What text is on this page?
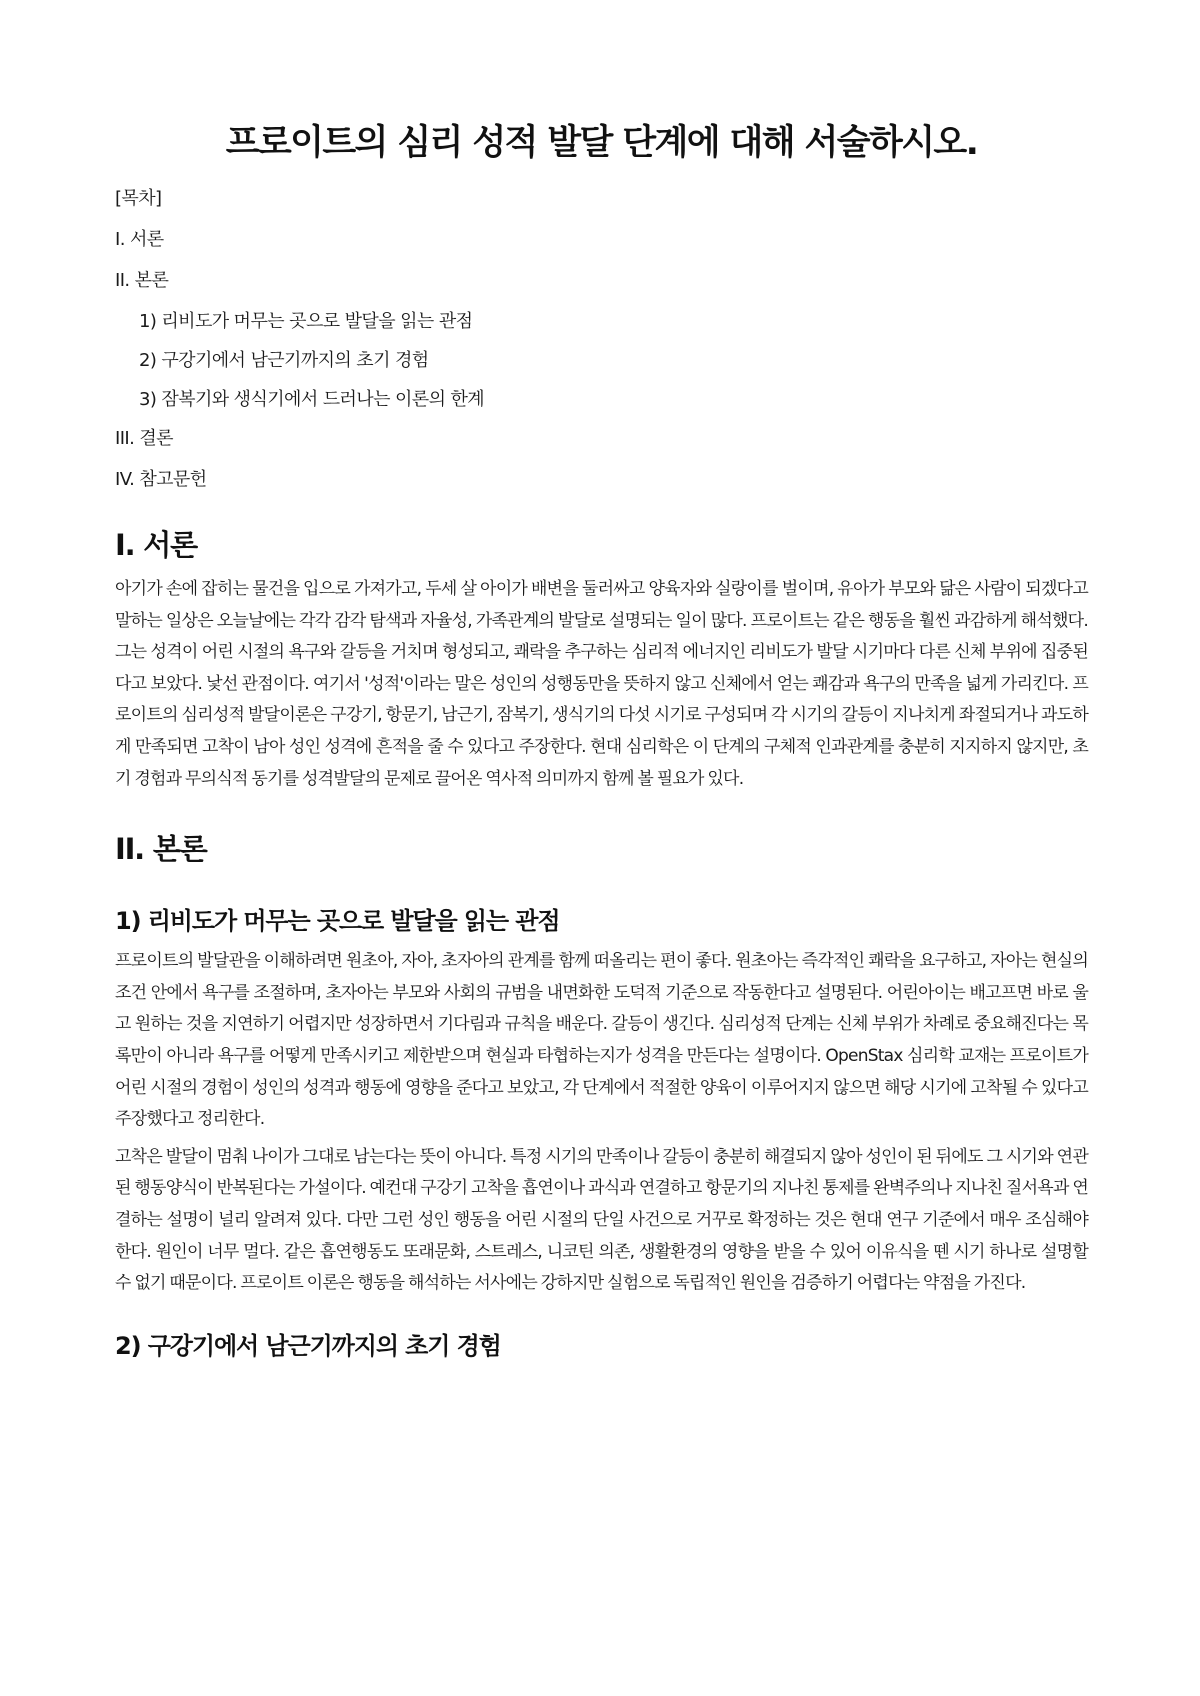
프로이트의 심리 성적 발달 단계에 대해 서술하시오.
[목차]
I. 서론
II. 본론
1) 리비도가 머무는 곳으로 발달을 읽는 관점
2) 구강기에서 남근기까지의 초기 경험
3) 잠복기와 생식기에서 드러나는 이론의 한계
III. 결론
IV. 참고문헌
I. 서론

아기가 손에 잡히는 물건을 입으로 가져가고, 두세 살 아이가 배변을 둘러싸고 양육자와 실랑이를 벌이며, 유아가 부모와 닮은 사람이 되겠다고 말하는 일상은 오늘날에는 각각 감각 탐색과 자율성, 가족관계의 발달로 설명되는 일이 많다. 프로이트는 같은 행동을 훨씬 과감하게 해석했다. 그는 성격이 어린 시절의 욕구와 갈등을 거치며 형성되고, 쾌락을 추구하는 심리적 에너지인 리비도가 발달 시기마다 다른 신체 부위에 집중된다고 보았다. 낯선 관점이다. 여기서 '성적'이라는 말은 성인의 성행동만을 뜻하지 않고 신체에서 얻는 쾌감과 욕구의 만족을 넓게 가리킨다. 프로이트의 심리성적 발달이론은 구강기, 항문기, 남근기, 잠복기, 생식기의 다섯 시기로 구성되며 각 시기의 갈등이 지나치게 좌절되거나 과도하게 만족되면 고착이 남아 성인 성격에 흔적을 줄 수 있다고 주장한다. 현대 심리학은 이 단계의 구체적 인과관계를 충분히 지지하지 않지만, 초기 경험과 무의식적 동기를 성격발달의 문제로 끌어온 역사적 의미까지 함께 볼 필요가 있다.

II. 본론
1) 리비도가 머무는 곳으로 발달을 읽는 관점

프로이트의 발달관을 이해하려면 원초아, 자아, 초자아의 관계를 함께 떠올리는 편이 좋다. 원초아는 즉각적인 쾌락을 요구하고, 자아는 현실의 조건 안에서 욕구를 조절하며, 초자아는 부모와 사회의 규범을 내면화한 도덕적 기준으로 작동한다고 설명된다. 어린아이는 배고프면 바로 울고 원하는 것을 지연하기 어렵지만 성장하면서 기다림과 규칙을 배운다. 갈등이 생긴다. 심리성적 단계는 신체 부위가 차례로 중요해진다는 목록만이 아니라 욕구를 어떻게 만족시키고 제한받으며 현실과 타협하는지가 성격을 만든다는 설명이다. OpenStax 심리학 교재는 프로이트가 어린 시절의 경험이 성인의 성격과 행동에 영향을 준다고 보았고, 각 단계에서 적절한 양육이 이루어지지 않으면 해당 시기에 고착될 수 있다고 주장했다고 정리한다.

고착은 발달이 멈춰 나이가 그대로 남는다는 뜻이 아니다. 특정 시기의 만족이나 갈등이 충분히 해결되지 않아 성인이 된 뒤에도 그 시기와 연관된 행동양식이 반복된다는 가설이다. 예컨대 구강기 고착을 흡연이나 과식과 연결하고 항문기의 지나친 통제를 완벽주의나 지나친 질서욕과 연결하는 설명이 널리 알려져 있다. 다만 그런 성인 행동을 어린 시절의 단일 사건으로 거꾸로 확정하는 것은 현대 연구 기준에서 매우 조심해야 한다. 원인이 너무 멀다. 같은 흡연행동도 또래문화, 스트레스, 니코틴 의존, 생활환경의 영향을 받을 수 있어 이유식을 뗀 시기 하나로 설명할 수 없기 때문이다. 프로이트 이론은 행동을 해석하는 서사에는 강하지만 실험으로 독립적인 원인을 검증하기 어렵다는 약점을 가진다.

2) 구강기에서 남근기까지의 초기 경험
